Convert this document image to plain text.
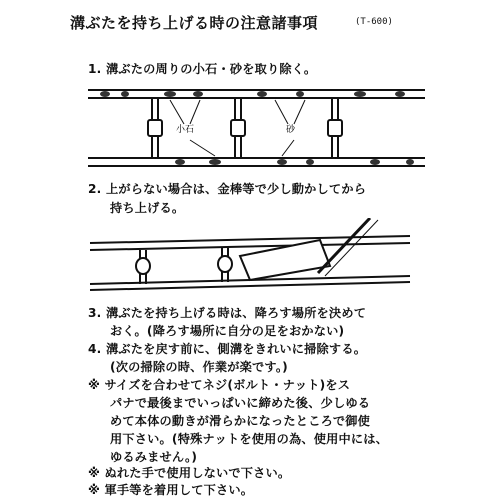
溝ぶたを持ち上げる時の注意諸事項	(T-600)
1. 溝ぶたの周りの小石・砂を取り除く。
小石	砂
2. 上がらない場合は、金棒等で少し動かしてから
持ち上げる。
3. 溝ぶたを持ち上げる時は、降ろす場所を決めて
おく。(降ろす場所に自分の足をおかない)
4. 溝ぶたを戻す前に、側溝をきれいに掃除する。
(次の掃除の時、作業が楽です。)
※ サイズを合わせてネジ(ボルト・ナット)をス
パナで最後までいっぱいに締めた後、少しゆる
めて本体の動きが滑らかになったところで御使
用下さい。(特殊ナットを使用の為、使用中には、
ゆるみません。)
※ ぬれた手で使用しないで下さい。
※ 軍手等を着用して下さい。
